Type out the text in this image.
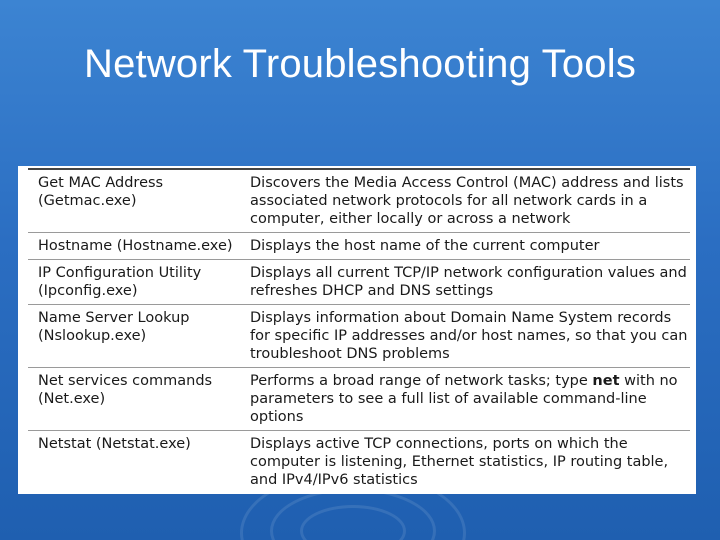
Network Troubleshooting Tools
Get MAC Address (Getmac.exe)	Discovers the Media Access Control (MAC) address and lists associated network protocols for all network cards in a computer, either locally or across a network
Hostname (Hostname.exe)	Displays the host name of the current computer
IP Configuration Utility (Ipconfig.exe)	Displays all current TCP/IP network configuration values and refreshes DHCP and DNS settings
Name Server Lookup (Nslookup.exe)	Displays information about Domain Name System records for specific IP addresses and/or host names, so that you can troubleshoot DNS problems
Net services commands (Net.exe)	Performs a broad range of network tasks; type net with no parameters to see a full list of available command-line options
Netstat (Netstat.exe)	Displays active TCP connections, ports on which the computer is listening, Ethernet statistics, IP routing table, and IPv4/IPv6 statistics
